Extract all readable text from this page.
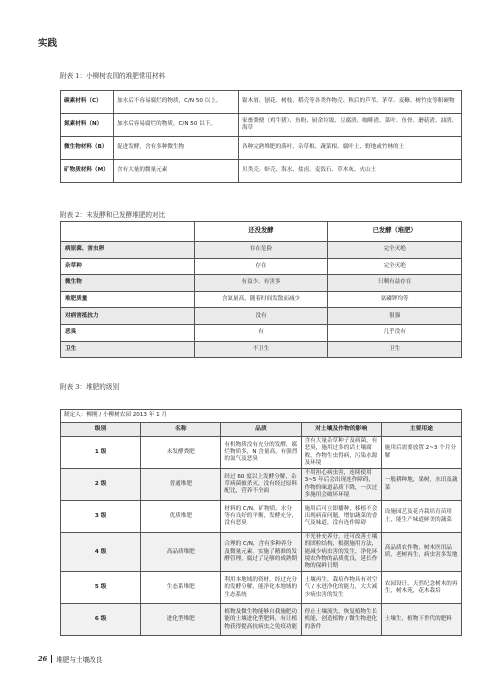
实践
附表 1：小柳树农园的堆肥常用材料
碳素材料（C）	加水后不容易腐烂的物质，C/N 50 以上。	锯木屑、刨花、树枝、稻壳等各类作物壳、秋后的芦苇、茅草、麦糠、树竹皮等粗硬物
氮素材料（N）	加水后容易腐烂的物质，C/N 50 以下。	家畜粪便（鸡牛猪）、鱼粉、厨余垃圾、豆腐渣、咖啡渣、菜叶、鱼骨、蘑菇渣、油渣、海草
微生物材料（B）	促进发酵，含有多种微生物	各种完熟堆肥的落叶、杂草根、蔬菜根、腐叶土、野地或竹林的土
矿物质材料（M）	含有大量的微量元素	贝类壳、虾壳、海水、盐卤、麦饭石、草木灰、火山土
附表 2：未发酵和已发酵堆肥的对比
	还没发酵	已发酵（堆肥）
病原菌、害虫卵	存在危险	完全灭绝
杂草种	存在	完全灭绝
微生物	有益少、有害多	只剩有益存在
堆肥质量	含氮量高，随着时间发散而减少	氨磷钾均等
对病害抵抗力	没有	很强
恶臭	有	几乎没有
卫生	不卫生	卫生
附表 3：堆肥的级别
制定人：柳刚 / 小柳树农园 2013 年 1 月				
级别	名称	品质	对土壤及作物的影响	主要用途
1 级	未发酵粪肥	有机物质没有充分的发酵，腐烂物质多，N 含量高，有强烈的氮气及恶臭	含有大量杂草种子及病菌，有恶臭，施用过多的话土壤腐败，作物生虫得病，污染水源及环境	施用后需要放置 2~3 个月分解
2 级	普通堆肥	经过 60 度以上发酵分解，杂草病菌被杀灭，没有经过原料配比，营养不全面	不用担心病虫害，连续使用 3~5 年后会出现连作障碍，作物的味道品质下降，一次过多施用会破坏环境	一般耕种地，果树，水田及蔬菜
3 级	优质堆肥	材料的 C/N、矿物质、水分等有良好的平衡，发酵充分，没有恶臭	施用后可立即播种，移植不会出现病苗问题，增加蔬菜的香气及味道，没有连作障碍	设施园艺及花卉栽培育苗用土，能生产味道鲜美的蔬菜
4 级	高品质堆肥	合理的 C/N，含有多种养分及微量元素。实施了精准的发酵管理，腐过了足够的成熟期	不光补充养分，还可改善土壤的团粒结构，根据施用方法，能减少病虫害的发生，净化环境农作物的品质优良，延长作物的保鲜日期	高品质农作物，树木医用品质，老树再生，病虫害多发地
5 级	生态系堆肥	利用本地域的资材，经过充分的发酵分解，能净化本地域的生态系统	土壤再生，栽培作物具有对空气 / 水进净化的能力，大大减少病虫害的发生	农园设计，天然纪念树木的再生，树木苑，花木栽培
6 级	进化型堆肥	植物及微生物能够自我施肥功能的土壤进化型肥料，有让植物获得提高抗病虫之免疫功能	停止土壤流失，恢复植物生长机能，创造植物 / 微生物进化的条件	土壤生，植物下世代的肥料
26 堆肥与土壤改良
